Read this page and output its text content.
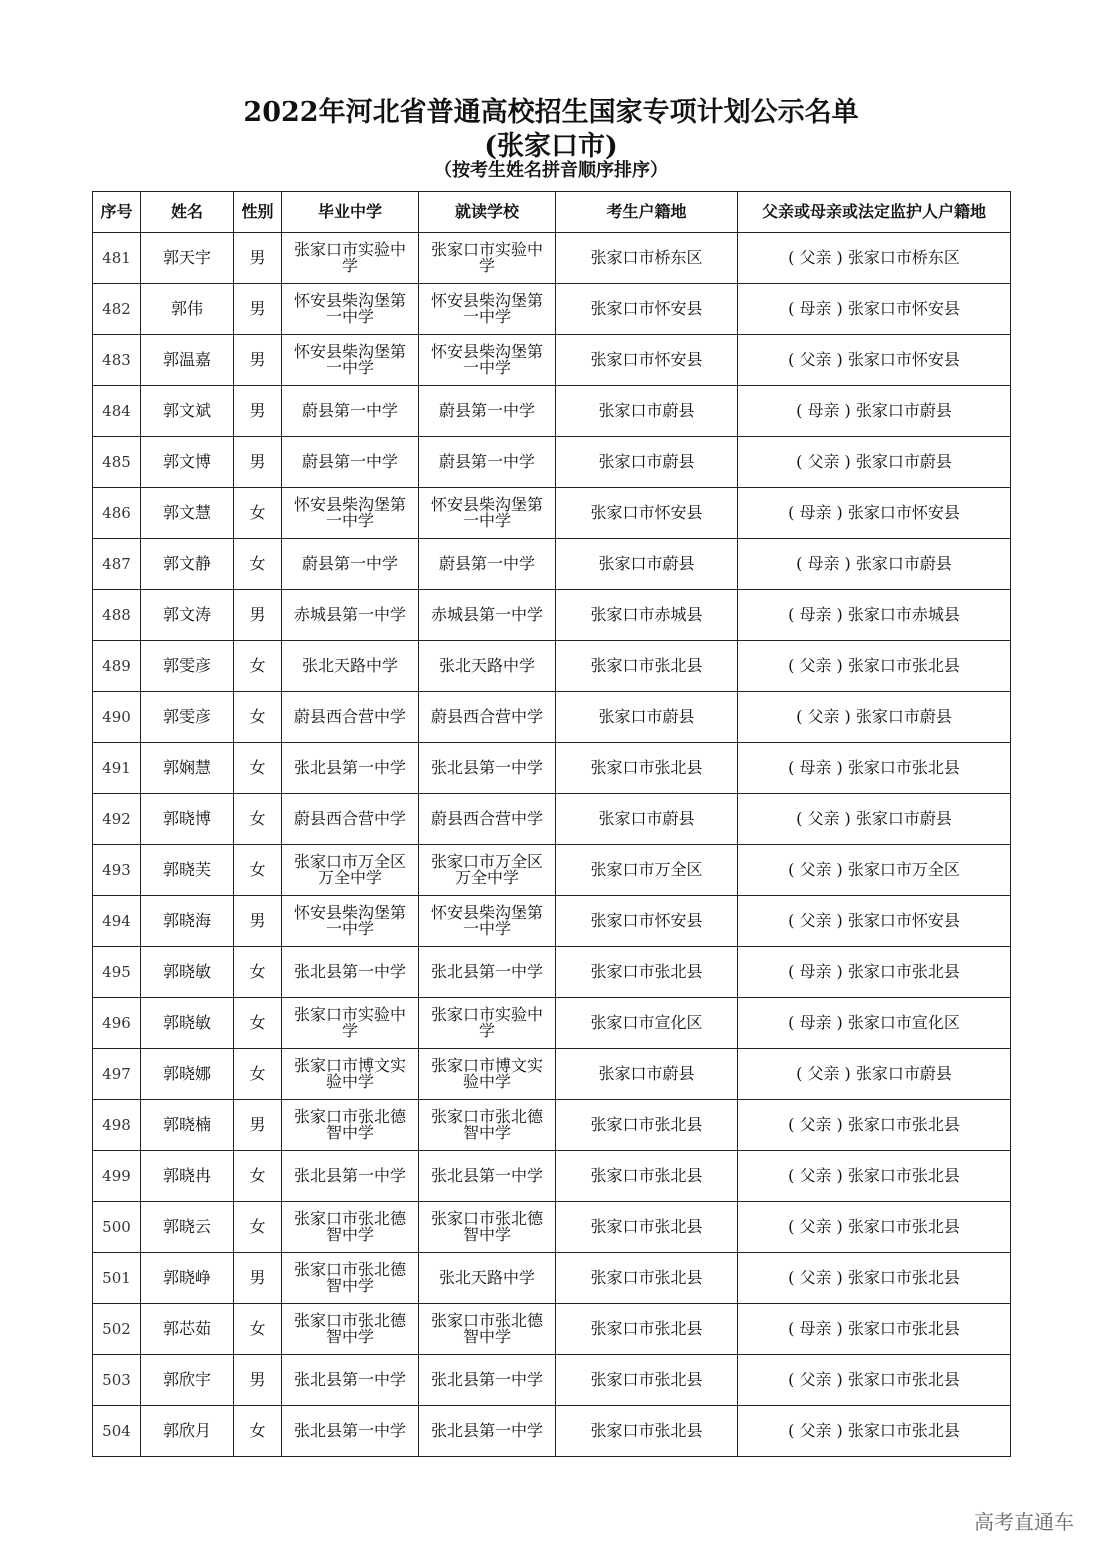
2022年河北省普通高校招生国家专项计划公示名单
(张家口市)
（按考生姓名拼音顺序排序）
序号	姓名	性别	毕业中学	就读学校	考生户籍地	父亲或母亲或法定监护人户籍地
481	郭天宇	男	张家口市实验中学	张家口市实验中学	张家口市桥东区	( 父亲 ) 张家口市桥东区
482	郭伟	男	怀安县柴沟堡第一中学	怀安县柴沟堡第一中学	张家口市怀安县	( 母亲 ) 张家口市怀安县
483	郭温嘉	男	怀安县柴沟堡第一中学	怀安县柴沟堡第一中学	张家口市怀安县	( 父亲 ) 张家口市怀安县
484	郭文斌	男	蔚县第一中学	蔚县第一中学	张家口市蔚县	( 母亲 ) 张家口市蔚县
485	郭文博	男	蔚县第一中学	蔚县第一中学	张家口市蔚县	( 父亲 ) 张家口市蔚县
486	郭文慧	女	怀安县柴沟堡第一中学	怀安县柴沟堡第一中学	张家口市怀安县	( 母亲 ) 张家口市怀安县
487	郭文静	女	蔚县第一中学	蔚县第一中学	张家口市蔚县	( 母亲 ) 张家口市蔚县
488	郭文涛	男	赤城县第一中学	赤城县第一中学	张家口市赤城县	( 母亲 ) 张家口市赤城县
489	郭雯彦	女	张北天路中学	张北天路中学	张家口市张北县	( 父亲 ) 张家口市张北县
490	郭雯彦	女	蔚县西合营中学	蔚县西合营中学	张家口市蔚县	( 父亲 ) 张家口市蔚县
491	郭娴慧	女	张北县第一中学	张北县第一中学	张家口市张北县	( 母亲 ) 张家口市张北县
492	郭晓博	女	蔚县西合营中学	蔚县西合营中学	张家口市蔚县	( 父亲 ) 张家口市蔚县
493	郭晓芙	女	张家口市万全区万全中学	张家口市万全区万全中学	张家口市万全区	( 父亲 ) 张家口市万全区
494	郭晓海	男	怀安县柴沟堡第一中学	怀安县柴沟堡第一中学	张家口市怀安县	( 父亲 ) 张家口市怀安县
495	郭晓敏	女	张北县第一中学	张北县第一中学	张家口市张北县	( 母亲 ) 张家口市张北县
496	郭晓敏	女	张家口市实验中学	张家口市实验中学	张家口市宣化区	( 母亲 ) 张家口市宣化区
497	郭晓娜	女	张家口市博文实验中学	张家口市博文实验中学	张家口市蔚县	( 父亲 ) 张家口市蔚县
498	郭晓楠	男	张家口市张北德智中学	张家口市张北德智中学	张家口市张北县	( 父亲 ) 张家口市张北县
499	郭晓冉	女	张北县第一中学	张北县第一中学	张家口市张北县	( 父亲 ) 张家口市张北县
500	郭晓云	女	张家口市张北德智中学	张家口市张北德智中学	张家口市张北县	( 父亲 ) 张家口市张北县
501	郭晓峥	男	张家口市张北德智中学	张北天路中学	张家口市张北县	( 父亲 ) 张家口市张北县
502	郭芯茹	女	张家口市张北德智中学	张家口市张北德智中学	张家口市张北县	( 母亲 ) 张家口市张北县
503	郭欣宇	男	张北县第一中学	张北县第一中学	张家口市张北县	( 父亲 ) 张家口市张北县
504	郭欣月	女	张北县第一中学	张北县第一中学	张家口市张北县	( 父亲 ) 张家口市张北县
高考直通车
